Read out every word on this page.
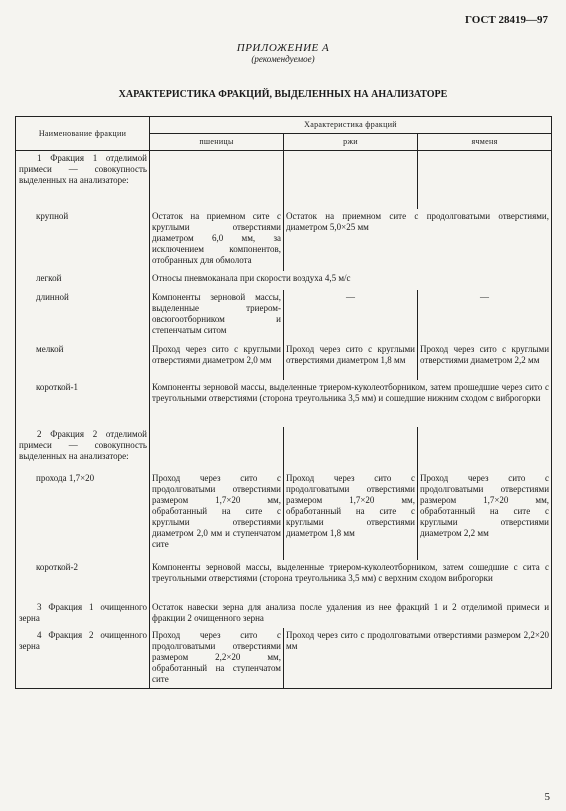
ГОСТ 28419—97
ПРИЛОЖЕНИЕ А
(рекомендуемое)
ХАРАКТЕРИСТИКА ФРАКЦИЙ, ВЫДЕЛЕННЫХ НА АНАЛИЗАТОРЕ
Наименование фракции	Характеристика фракций		
	пшеницы	ржи	ячменя
1 Фракция 1 отделимой примеси — совокупность выделенных на анализаторе:			
крупной	Остаток на приемном сите с круглыми отверстиями диаметром 6,0 мм, за исключением компонентов, отобранных для обмолота	Остаток на приемном сите с продолговатыми отверстиями, диаметром 5,0×25 мм	
легкой	Относы пневмоканала при скорости воздуха 4,5 м/с		
длинной	Компоненты зерновой массы, выделенные триером-овсюгоотборником и степенчатым ситом	—	—
мелкой	Проход через сито с круглыми отверстиями диаметром 2,0 мм	Проход через сито с круглыми отверстиями диаметром 1,8 мм	Проход через сито с круглыми отверстиями диаметром 2,2 мм
короткой-1	Компоненты зерновой массы, выделенные триером-куколеотборником, затем прошедшие через сито с треугольными отверстиями (сторона треугольника 3,5 мм) и сошедшие нижним сходом с виброгорки		
2 Фракция 2 отделимой примеси — совокупность выделенных на анализаторе:			
прохода 1,7×20	Проход через сито с продолговатыми отверстиями размером 1,7×20 мм, обработанный на сите с круглыми отверстиями диаметром 2,0 мм и ступенчатом сите	Проход через сито с продолговатыми отверстиями размером 1,7×20 мм, обработанный на сите с круглыми отверстиями диаметром 1,8 мм	Проход через сито с продолговатыми отверстиями размером 1,7×20 мм, обработанный на сите с круглыми отверстиями диаметром 2,2 мм
короткой-2	Компоненты зерновой массы, выделенные триером-куколеотборником, затем сошедшие с сита с треугольными отверстиями (сторона треугольника 3,5 мм) с верхним сходом виброгорки		
3 Фракция 1 очищенного зерна	Остаток навески зерна для анализа после удаления из нее фракций 1 и 2 отделимой примеси и фракции 2 очищенного зерна		
4 Фракция 2 очищенного зерна	Проход через сито с продолговатыми отверстиями размером 2,2×20 мм, обработанный на ступенчатом сите	Проход через сито с продолговатыми отверстиями размером 2,2×20 мм	
5
